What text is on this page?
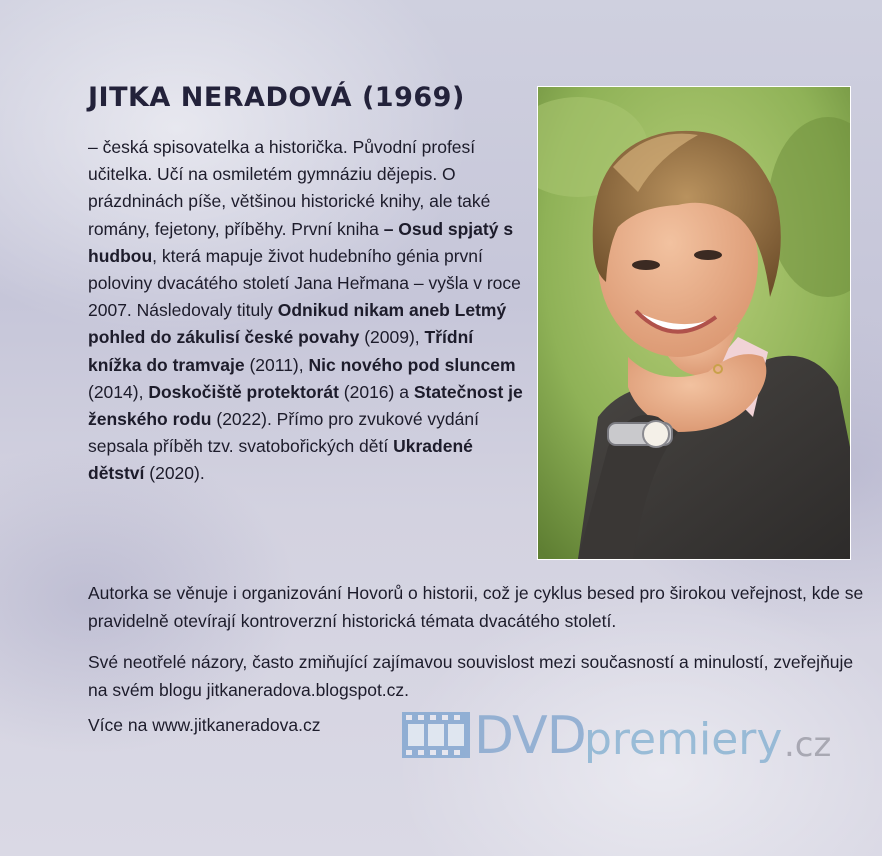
JITKA NERADOVÁ (1969)

– česká spisovatelka a historička. Původní profesí učitelka. Učí na osmiletém gymnáziu dějepis. O prázdninách píše, většinou historické knihy, ale také romány, fejetony, příběhy. První kniha – Osud spjatý s hudbou, která mapuje život hudebního génia první poloviny dvacátého století Jana Heřmana – vyšla v roce 2007. Následovaly tituly Odnikud nikam aneb Letmý pohled do zákulisí české povahy (2009), Třídní knížka do tramvaje (2011), Nic nového pod sluncem (2014), Doskočiště protektorát (2016) a Statečnost je ženského rodu (2022). Přímo pro zvukové vydání sepsala příběh tzv. svatobořických dětí Ukradené dětství (2020).

Autorka se věnuje i organizování Hovorů o historii, což je cyklus besed pro širokou veřejnost, kde se pravidelně otevírají kontroverzní historická témata dvacátého století.

Své neotřelé názory, často zmiňující zajímavou souvislost mezi současností a minulostí, zveřejňuje na svém blogu jitkaneradova.blogspot.cz.

Více na www.jitkaneradova.cz	DVD
premiery .cz
